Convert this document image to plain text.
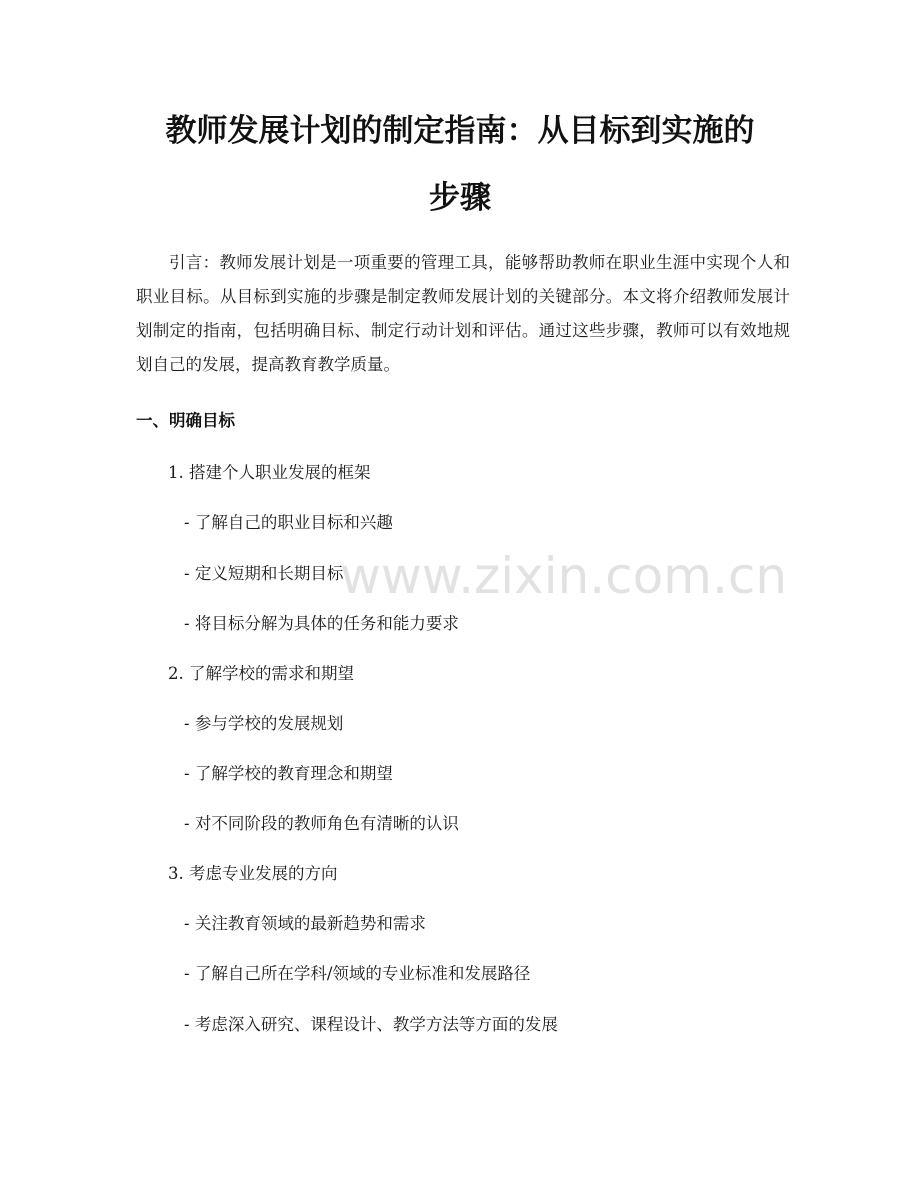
教师发展计划的制定指南：从目标到实施的
步骤

引言：教师发展计划是一项重要的管理工具，能够帮助教师在职业生涯中实现个人和职业目标。从目标到实施的步骤是制定教师发展计划的关键部分。本文将介绍教师发展计划制定的指南，包括明确目标、制定行动计划和评估。通过这些步骤，教师可以有效地规划自己的发展，提高教育教学质量。

一、明确目标

1. 搭建个人职业发展的框架

- 了解自己的职业目标和兴趣

- 定义短期和长期目标

- 将目标分解为具体的任务和能力要求

2. 了解学校的需求和期望

- 参与学校的发展规划

- 了解学校的教育理念和期望

- 对不同阶段的教师角色有清晰的认识

3. 考虑专业发展的方向

- 关注教育领域的最新趋势和需求

- 了解自己所在学科/领域的专业标准和发展路径

- 考虑深入研究、课程设计、教学方法等方面的发展

www.zixin.com.cn
